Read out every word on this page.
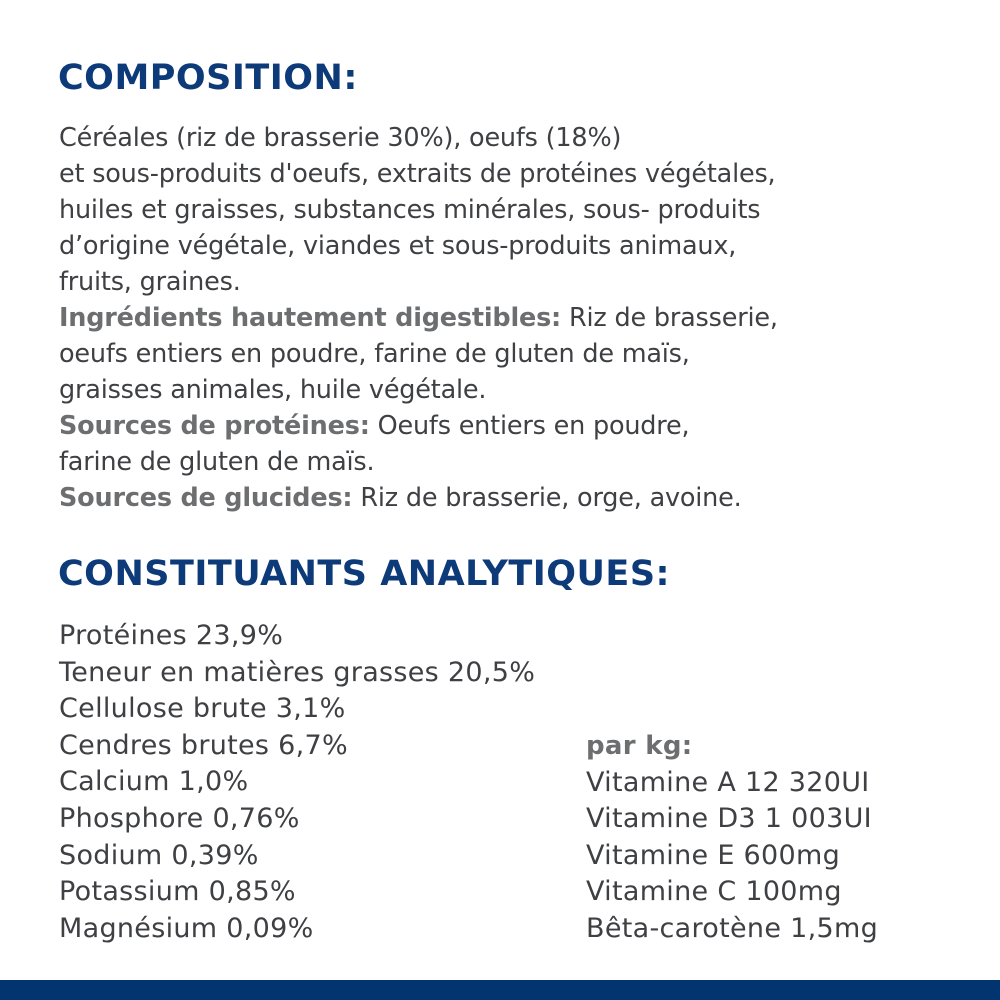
COMPOSITION:
Céréales (riz de brasserie 30%), oeufs (18%)
et sous-produits d'oeufs, extraits de protéines végétales,
huiles et graisses, substances minérales, sous- produits
d’origine végétale, viandes et sous-produits animaux,
fruits, graines.
Ingrédients hautement digestibles: Riz de brasserie,
oeufs entiers en poudre, farine de gluten de maïs,
graisses animales, huile végétale.
Sources de protéines: Oeufs entiers en poudre,
farine de gluten de maïs.
Sources de glucides: Riz de brasserie, orge, avoine.
CONSTITUANTS ANALYTIQUES:
Protéines 23,9%
Teneur en matières grasses 20,5%
Cellulose brute 3,1%
Cendres brutes 6,7%
Calcium 1,0%
Phosphore 0,76%
Sodium 0,39%
Potassium 0,85%
Magnésium 0,09%
par kg:
Vitamine A 12 320UI
Vitamine D3 1 003UI
Vitamine E 600mg
Vitamine C 100mg
Bêta-carotène 1,5mg
